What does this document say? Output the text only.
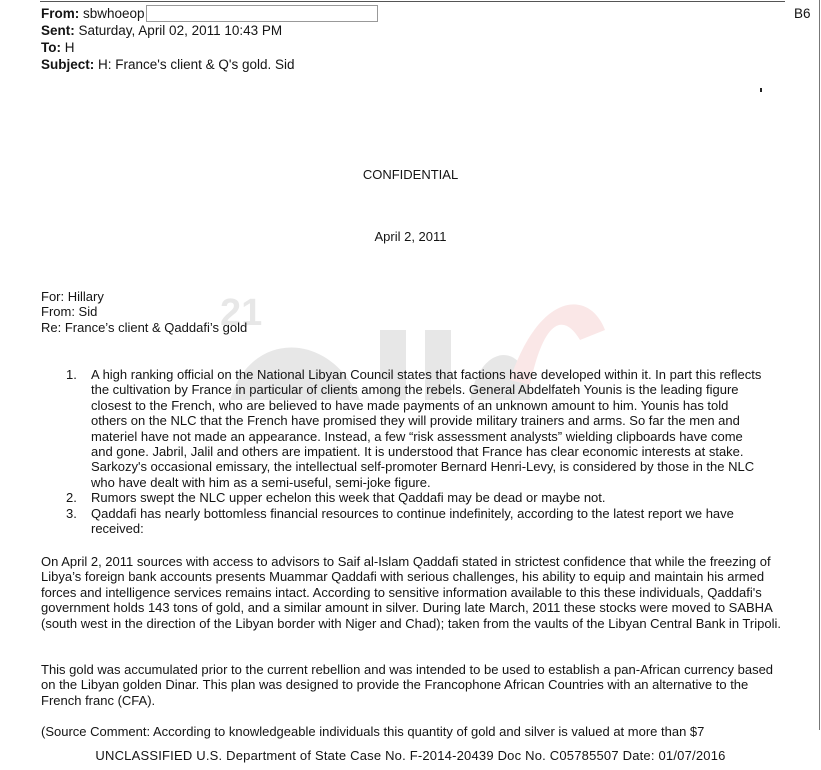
21
From: sbwhoeop
Sent: Saturday, April 02, 2011 10:43 PM
To: H
Subject: H: France's client & Q's gold. Sid
B6
CONFIDENTIAL
April 2, 2011
For: Hillary
From: Sid
Re: France’s client & Qaddafi’s gold
1. A high ranking official on the National Libyan Council states that factions have developed within it. In part this reflects the cultivation by France in particular of clients among the rebels. General Abdelfateh Younis is the leading figure closest to the French, who are believed to have made payments of an unknown amount to him. Younis has told others on the NLC that the French have promised they will provide military trainers and arms. So far the men and materiel have not made an appearance. Instead, a few “risk assessment analysts” wielding clipboards have come and gone. Jabril, Jalil and others are impatient. It is understood that France has clear economic interests at stake. Sarkozy's occasional emissary, the intellectual self-promoter Bernard Henri-Levy, is considered by those in the NLC who have dealt with him as a semi-useful, semi-joke figure.
2. Rumors swept the NLC upper echelon this week that Qaddafi may be dead or maybe not.
3. Qaddafi has nearly bottomless financial resources to continue indefinitely, according to the latest report we have received:
On April 2, 2011 sources with access to advisors to Saif al-Islam Qaddafi stated in strictest confidence that while the freezing of Libya’s foreign bank accounts presents Muammar Qaddafi with serious challenges, his ability to equip and maintain his armed forces and intelligence services remains intact. According to sensitive information available to this these individuals, Qaddafi's government holds 143 tons of gold, and a similar amount in silver. During late March, 2011 these stocks were moved to SABHA (south west in the direction of the Libyan border with Niger and Chad); taken from the vaults of the Libyan Central Bank in Tripoli.
This gold was accumulated prior to the current rebellion and was intended to be used to establish a pan-African currency based on the Libyan golden Dinar. This plan was designed to provide the Francophone African Countries with an alternative to the French franc (CFA).
(Source Comment: According to knowledgeable individuals this quantity of gold and silver is valued at more than $7
UNCLASSIFIED U.S. Department of State Case No. F-2014-20439 Doc No. C05785507 Date: 01/07/2016
